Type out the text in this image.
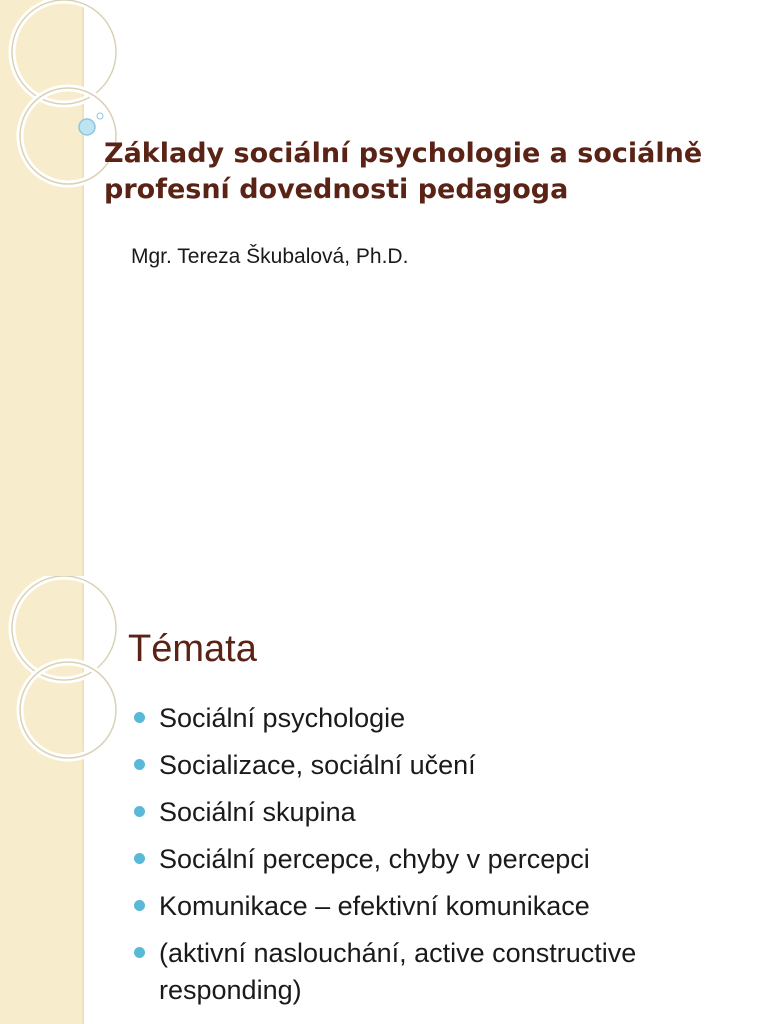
Základy sociální psychologie a sociálně profesní dovednosti pedagoga

Mgr. Tereza Škubalová, Ph.D.

Témata
Sociální psychologie
Socializace, sociální učení
Sociální skupina
Sociální percepce, chyby v percepci
Komunikace – efektivní komunikace
(aktivní naslouchání, active constructive responding)
